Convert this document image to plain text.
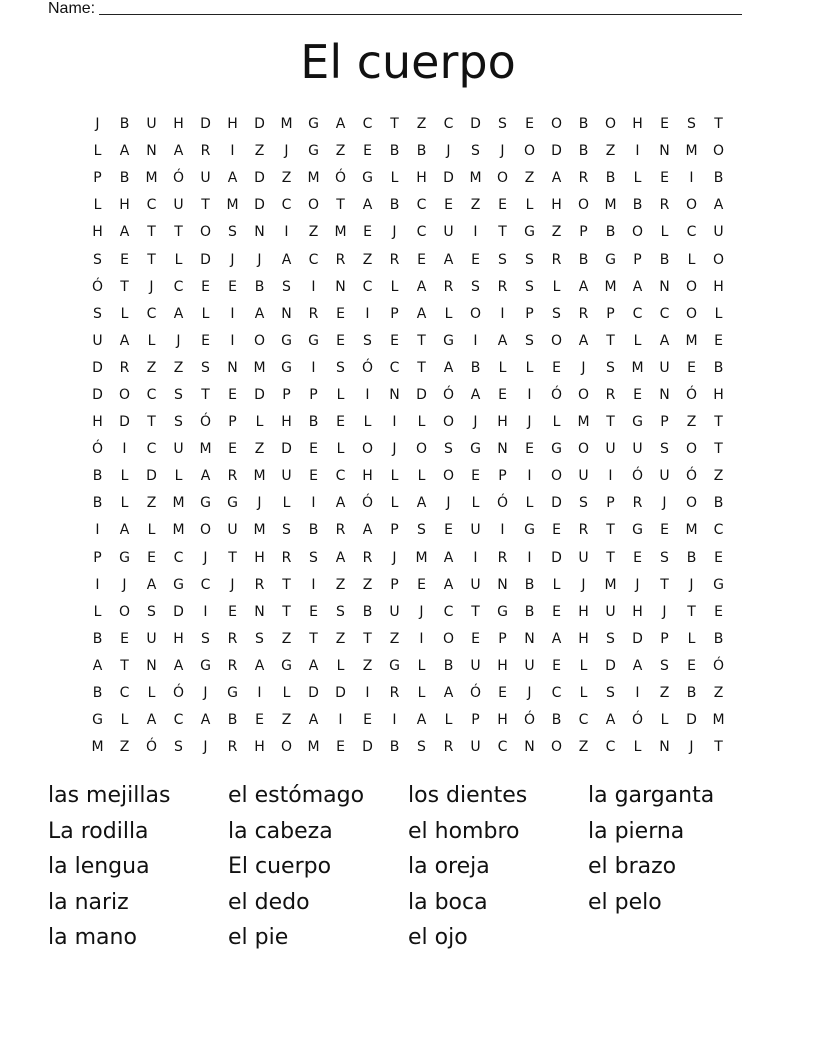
Name:
El cuerpo
J	B	U	H	D	H	D	M	G	A	C	T	Z	C	D	S	E	O	B	O	H	E	S	T
L	A	N	A	R	I	Z	J	G	Z	E	B	B	J	S	J	O	D	B	Z	I	N	M	O
P	B	M	Ó	U	A	D	Z	M	Ó	G	L	H	D	M	O	Z	A	R	B	L	E	I	B
L	H	C	U	T	M	D	C	O	T	A	B	C	E	Z	E	L	H	O	M	B	R	O	A
H	A	T	T	O	S	N	I	Z	M	E	J	C	U	I	T	G	Z	P	B	O	L	C	U
S	E	T	L	D	J	J	A	C	R	Z	R	E	A	E	S	S	R	B	G	P	B	L	O
Ó	T	J	C	E	E	B	S	I	N	C	L	A	R	S	R	S	L	A	M	A	N	O	H
S	L	C	A	L	I	A	N	R	E	I	P	A	L	O	I	P	S	R	P	C	C	O	L
U	A	L	J	E	I	O	G	G	E	S	E	T	G	I	A	S	O	A	T	L	A	M	E
D	R	Z	Z	S	N	M	G	I	S	Ó	C	T	A	B	L	L	E	J	S	M	U	E	B
D	O	C	S	T	E	D	P	P	L	I	N	D	Ó	A	E	I	Ó	O	R	E	N	Ó	H
H	D	T	S	Ó	P	L	H	B	E	L	I	L	O	J	H	J	L	M	T	G	P	Z	T
Ó	I	C	U	M	E	Z	D	E	L	O	J	O	S	G	N	E	G	O	U	U	S	O	T
B	L	D	L	A	R	M	U	E	C	H	L	L	O	E	P	I	O	U	I	Ó	U	Ó	Z
B	L	Z	M	G	G	J	L	I	A	Ó	L	A	J	L	Ó	L	D	S	P	R	J	O	B
I	A	L	M	O	U	M	S	B	R	A	P	S	E	U	I	G	E	R	T	G	E	M	C
P	G	E	C	J	T	H	R	S	A	R	J	M	A	I	R	I	D	U	T	E	S	B	E
I	J	A	G	C	J	R	T	I	Z	Z	P	E	A	U	N	B	L	J	M	J	T	J	G
L	O	S	D	I	E	N	T	E	S	B	U	J	C	T	G	B	E	H	U	H	J	T	E
B	E	U	H	S	R	S	Z	T	Z	T	Z	I	O	E	P	N	A	H	S	D	P	L	B
A	T	N	A	G	R	A	G	A	L	Z	G	L	B	U	H	U	E	L	D	A	S	E	Ó
B	C	L	Ó	J	G	I	L	D	D	I	R	L	A	Ó	E	J	C	L	S	I	Z	B	Z
G	L	A	C	A	B	E	Z	A	I	E	I	A	L	P	H	Ó	B	C	A	Ó	L	D	M
M	Z	Ó	S	J	R	H	O	M	E	D	B	S	R	U	C	N	O	Z	C	L	N	J	T
las mejillas	el estómago	los dientes	la garganta
La rodilla	la cabeza	el hombro	la pierna
la lengua	El cuerpo	la oreja	el brazo
la nariz	el dedo	la boca	el pelo
la mano	el pie	el ojo
